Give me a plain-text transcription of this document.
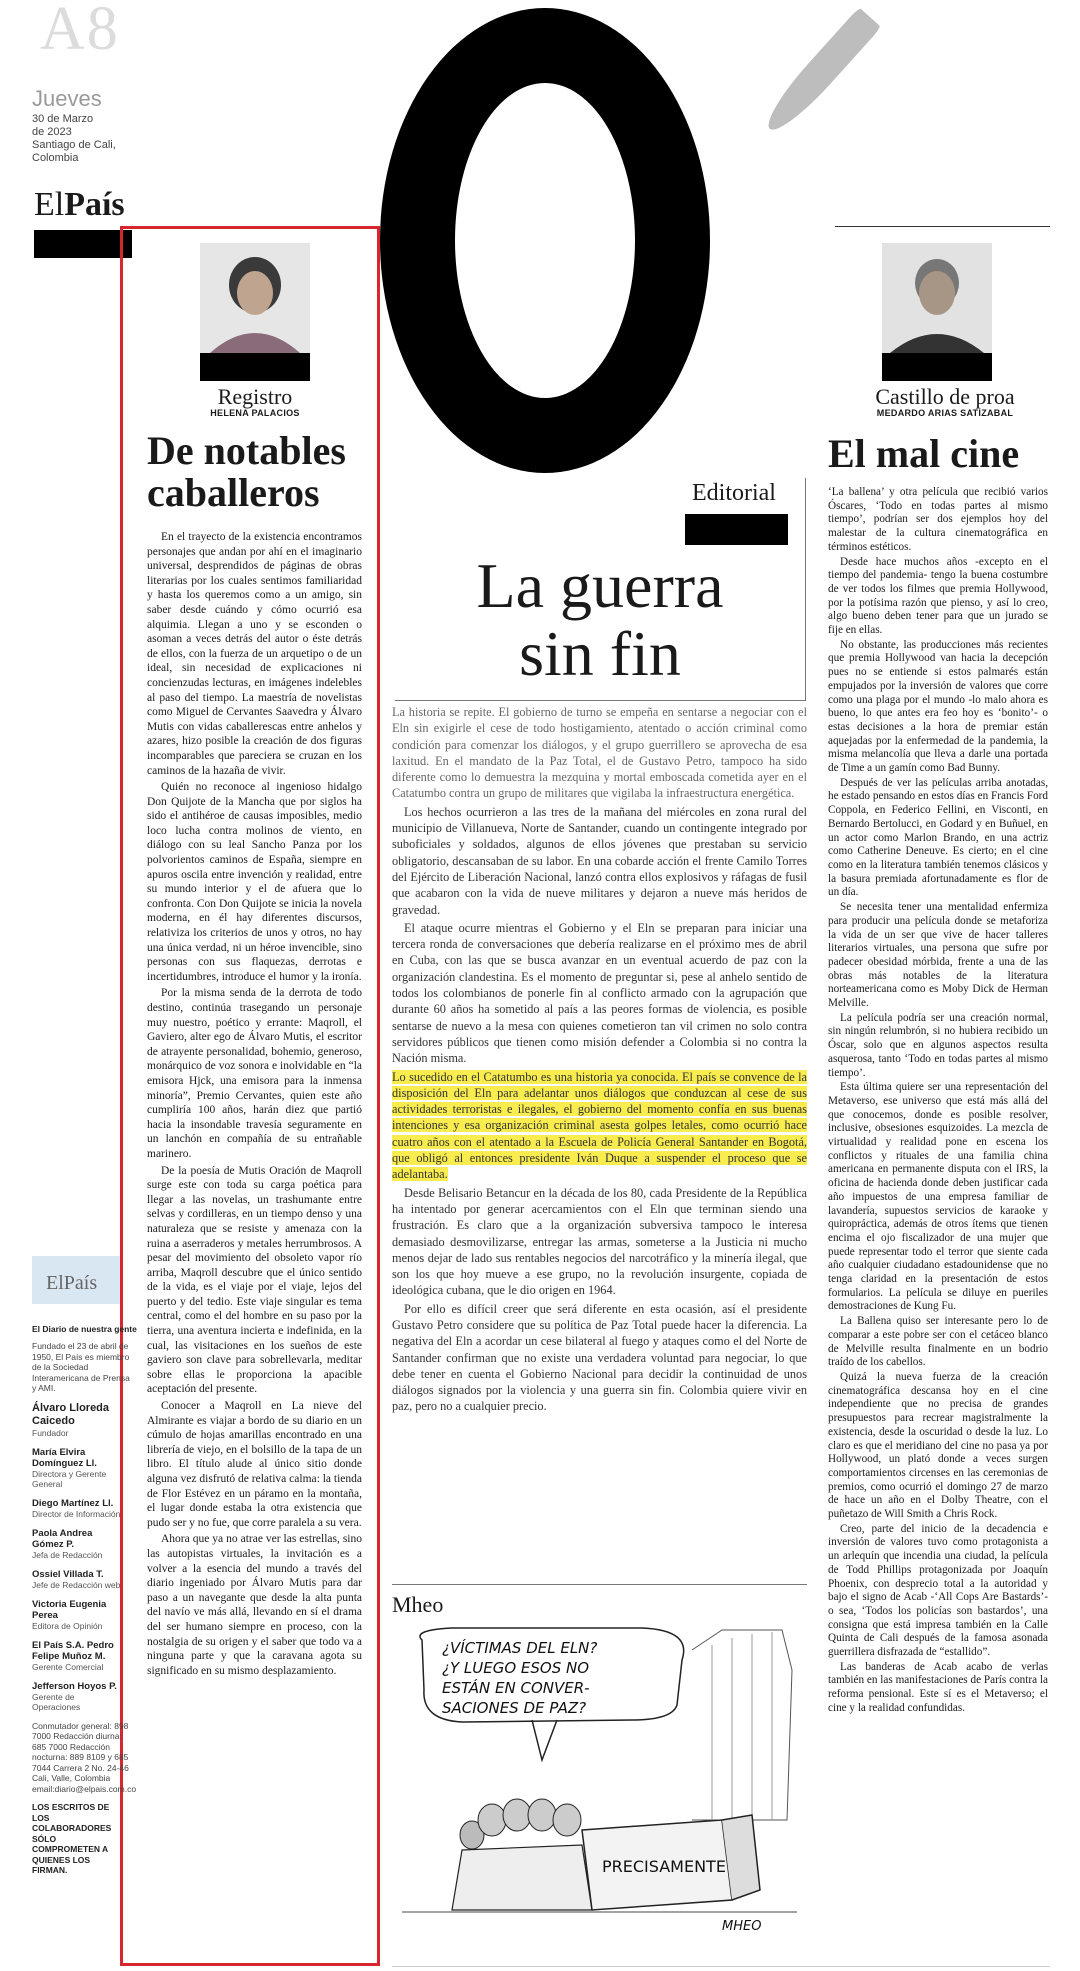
A8
Jueves
30 de Marzo
de 2023
Santiago de Cali,
Colombia
ElPaís
Registro
HELENA PALACIOS
De notables caballeros

En el trayecto de la existencia encontramos personajes que andan por ahí en el imaginario universal, desprendidos de páginas de obras literarias por los cuales sentimos familiaridad y hasta los queremos como a un amigo, sin saber desde cuándo y cómo ocurrió esa alquimia. Llegan a uno y se esconden o asoman a veces detrás del autor o éste detrás de ellos, con la fuerza de un arquetipo o de un ideal, sin necesidad de explicaciones ni concienzudas lecturas, en imágenes indelebles al paso del tiempo. La maestría de novelistas como Miguel de Cervantes Saavedra y Álvaro Mutis con vidas caballerescas entre anhelos y azares, hizo posible la creación de dos figuras incomparables que pareciera se cruzan en los caminos de la hazaña de vivir.

Quién no reconoce al ingenioso hidalgo Don Quijote de la Mancha que por siglos ha sido el antihéroe de causas imposibles, medio loco lucha contra molinos de viento, en diálogo con su leal Sancho Panza por los polvorientos caminos de España, siempre en apuros oscila entre invención y realidad, entre su mundo interior y el de afuera que lo confronta. Con Don Quijote se inicia la novela moderna, en él hay diferentes discursos, relativiza los criterios de unos y otros, no hay una única verdad, ni un héroe invencible, sino personas con sus flaquezas, derrotas e incertidumbres, introduce el humor y la ironía.

Por la misma senda de la derrota de todo destino, continúa trasegando un personaje muy nuestro, poético y errante: Maqroll, el Gaviero, alter ego de Álvaro Mutis, el escritor de atrayente personalidad, bohemio, generoso, monárquico de voz sonora e inolvidable en “la emisora Hjck, una emisora para la inmensa minoría”, Premio Cervantes, quien este año cumpliría 100 años, harán diez que partió hacia la insondable travesía seguramente en un lanchón en compañía de su entrañable marinero.

De la poesía de Mutis Oración de Maqroll surge este con toda su carga poética para llegar a las novelas, un trashumante entre selvas y cordilleras, en un tiempo denso y una naturaleza que se resiste y amenaza con la ruina a aserraderos y metales herrumbrosos. A pesar del movimiento del obsoleto vapor río arriba, Maqroll descubre que el único sentido de la vida, es el viaje por el viaje, lejos del puerto y del tedio. Este viaje singular es tema central, como el del hombre en su paso por la tierra, una aventura incierta e indefinida, en la cual, las visitaciones en los sueños de este gaviero son clave para sobrellevarla, meditar sobre ellas le proporciona la apacible aceptación del presente.

Conocer a Maqroll en La nieve del Almirante es viajar a bordo de su diario en un cúmulo de hojas amarillas encontrado en una librería de viejo, en el bolsillo de la tapa de un libro. El título alude al único sitio donde alguna vez disfrutó de relativa calma: la tienda de Flor Estévez en un páramo en la montaña, el lugar donde estaba la otra existencia que pudo ser y no fue, que corre paralela a su vera.

Ahora que ya no atrae ver las estrellas, sino las autopistas virtuales, la invitación es a volver a la esencia del mundo a través del diario ingeniado por Álvaro Mutis para dar paso a un navegante que desde la alta punta del navío ve más allá, llevando en sí el drama del ser humano siempre en proceso, con la nostalgia de su origen y el saber que todo va a ninguna parte y que la caravana agota su significado en su mismo desplazamiento.

ElPaís
El Diario de nuestra gente
Fundado el 23 de abril de 1950, El País es miembro de la Sociedad Interamericana de Prensa y AMI.
Álvaro Lloreda Caicedo
Fundador
María Elvira Domínguez Ll.
Directora y Gerente General
Diego Martínez Ll.
Director de Información
Paola Andrea Gómez P.
Jefa de Redacción
Ossiel Villada T.
Jefe de Redacción web
Victoria Eugenia Perea
Editora de Opinión
El País S.A. Pedro Felipe Muñoz M.
Gerente Comercial
Jefferson Hoyos P.
Gerente de Operaciones
Conmutador general: 898 7000 Redacción diurna: 685 7000 Redacción nocturna: 889 8109 y 685 7044 Carrera 2 No. 24-46 Cali, Valle, Colombia email:diario@elpais.com.co
LOS ESCRITOS DE LOS COLABORADORES SÓLO COMPROMETEN A QUIENES LOS FIRMAN.
Editorial
La guerra
sin fin

La historia se repite. El gobierno de turno se empeña en sentarse a negociar con el Eln sin exigirle el cese de todo hostigamiento, atentado o acción criminal como condición para comenzar los diálogos, y el grupo guerrillero se aprovecha de esa laxitud. En el mandato de la Paz Total, el de Gustavo Petro, tampoco ha sido diferente como lo demuestra la mezquina y mortal emboscada cometida ayer en el Catatumbo contra un grupo de militares que vigilaba la infraestructura energética.

Los hechos ocurrieron a las tres de la mañana del miércoles en zona rural del municipio de Villanueva, Norte de Santander, cuando un contingente integrado por suboficiales y soldados, algunos de ellos jóvenes que prestaban su servicio obligatorio, descansaban de su labor. En una cobarde acción el frente Camilo Torres del Ejército de Liberación Nacional, lanzó contra ellos explosivos y ráfagas de fusil que acabaron con la vida de nueve militares y dejaron a nueve más heridos de gravedad.

El ataque ocurre mientras el Gobierno y el Eln se preparan para iniciar una tercera ronda de conversaciones que debería realizarse en el próximo mes de abril en Cuba, con las que se busca avanzar en un eventual acuerdo de paz con la organización clandestina. Es el momento de preguntar si, pese al anhelo sentido de todos los colombianos de ponerle fin al conflicto armado con la agrupación que durante 60 años ha sometido al país a las peores formas de violencia, es posible sentarse de nuevo a la mesa con quienes cometieron tan vil crimen no solo contra servidores públicos que tienen como misión defender a Colombia si no contra la Nación misma.

Lo sucedido en el Catatumbo es una historia ya conocida. El país se convence de la disposición del Eln para adelantar unos diálogos que conduzcan al cese de sus actividades terroristas e ilegales, el gobierno del momento confía en sus buenas intenciones y esa organización criminal asesta golpes letales, como ocurrió hace cuatro años con el atentado a la Escuela de Policía General Santander en Bogotá, que obligó al entonces presidente Iván Duque a suspender el proceso que se adelantaba.

Desde Belisario Betancur en la década de los 80, cada Presidente de la República ha intentado por generar acercamientos con el Eln que terminan siendo una frustración. Es claro que a la organización subversiva tampoco le interesa demasiado desmovilizarse, entregar las armas, someterse a la Justicia ni mucho menos dejar de lado sus rentables negocios del narcotráfico y la minería ilegal, que son los que hoy mueve a ese grupo, no la revolución insurgente, copiada de ideológica cubana, que le dio origen en 1964.

Por ello es difícil creer que será diferente en esta ocasión, así el presidente Gustavo Petro considere que su política de Paz Total puede hacer la diferencia. La negativa del Eln a acordar un cese bilateral al fuego y ataques como el del Norte de Santander confirman que no existe una verdadera voluntad para negociar, lo que debe tener en cuenta el Gobierno Nacional para decidir la continuidad de unos diálogos signados por la violencia y una guerra sin fin. Colombia quiere vivir en paz, pero no a cualquier precio.

Mheo
¿VÍCTIMAS DEL ELN?
¿Y LUEGO ESOS NO
ESTÁN EN CONVER-
SACIONES DE PAZ?
PRECISAMENTE
MHEO
Castillo de proa
MEDARDO ARIAS SATIZABAL
El mal cine

‘La ballena’ y otra película que recibió varios Óscares, ‘Todo en todas partes al mismo tiempo’, podrían ser dos ejemplos hoy del malestar de la cultura cinematográfica en términos estéticos.

Desde hace muchos años -excepto en el tiempo del pandemia- tengo la buena costumbre de ver todos los filmes que premia Hollywood, por la potísima razón que pienso, y así lo creo, algo bueno deben tener para que un jurado se fije en ellas.

No obstante, las producciones más recientes que premia Hollywood van hacia la decepción pues no se entiende si estos palmarés están empujados por la inversión de valores que corre como una plaga por el mundo -lo malo ahora es bueno, lo que antes era feo hoy es ‘bonito’- o estas decisiones a la hora de premiar están aquejadas por la enfermedad de la pandemia, la misma melancolía que lleva a darle una portada de Time a un gamín como Bad Bunny.

Después de ver las películas arriba anotadas, he estado pensando en estos días en Francis Ford Coppola, en Federico Fellini, en Visconti, en Bernardo Bertolucci, en Godard y en Buñuel, en un actor como Marlon Brando, en una actriz como Catherine Deneuve. Es cierto; en el cine como en la literatura también tenemos clásicos y la basura premiada afortunadamente es flor de un día.

Se necesita tener una mentalidad enfermiza para producir una película donde se metaforiza la vida de un ser que vive de hacer talleres literarios virtuales, una persona que sufre por padecer obesidad mórbida, frente a una de las obras más notables de la literatura norteamericana como es Moby Dick de Herman Melville.

La película podría ser una creación normal, sin ningún relumbrón, si no hubiera recibido un Óscar, solo que en algunos aspectos resulta asquerosa, tanto ‘Todo en todas partes al mismo tiempo’.

Esta última quiere ser una representación del Metaverso, ese universo que está más allá del que conocemos, donde es posible resolver, inclusive, obsesiones esquizoides. La mezcla de virtualidad y realidad pone en escena los conflictos y rituales de una familia china americana en permanente disputa con el IRS, la oficina de hacienda donde deben justificar cada año impuestos de una empresa familiar de lavandería, supuestos servicios de karaoke y quiropráctica, además de otros ítems que tienen encima el ojo fiscalizador de una mujer que puede representar todo el terror que siente cada año cualquier ciudadano estadounidense que no tenga claridad en la presentación de estos formularios. La película se diluye en pueriles demostraciones de Kung Fu.

La Ballena quiso ser interesante pero lo de comparar a este pobre ser con el cetáceo blanco de Melville resulta finalmente en un bodrio traído de los cabellos.

Quizá la nueva fuerza de la creación cinematográfica descansa hoy en el cine independiente que no precisa de grandes presupuestos para recrear magistralmente la existencia, desde la oscuridad o desde la luz. Lo claro es que el meridiano del cine no pasa ya por Hollywood, un plató donde a veces surgen comportamientos circenses en las ceremonias de premios, como ocurrió el domingo 27 de marzo de hace un año en el Dolby Theatre, con el puñetazo de Will Smith a Chris Rock.

Creo, parte del inicio de la decadencia e inversión de valores tuvo como protagonista a un arlequín que incendia una ciudad, la película de Todd Phillips protagonizada por Joaquín Phoenix, con desprecio total a la autoridad y bajo el signo de Acab -‘All Cops Are Bastards’- o sea, ‘Todos los policías son bastardos’, una consigna que está impresa también en la Calle Quinta de Cali después de la famosa asonada guerrillera disfrazada de “estallido”.

Las banderas de Acab acabo de verlas también en las manifestaciones de París contra la reforma pensional. Este sí es el Metaverso; el cine y la realidad confundidas.
